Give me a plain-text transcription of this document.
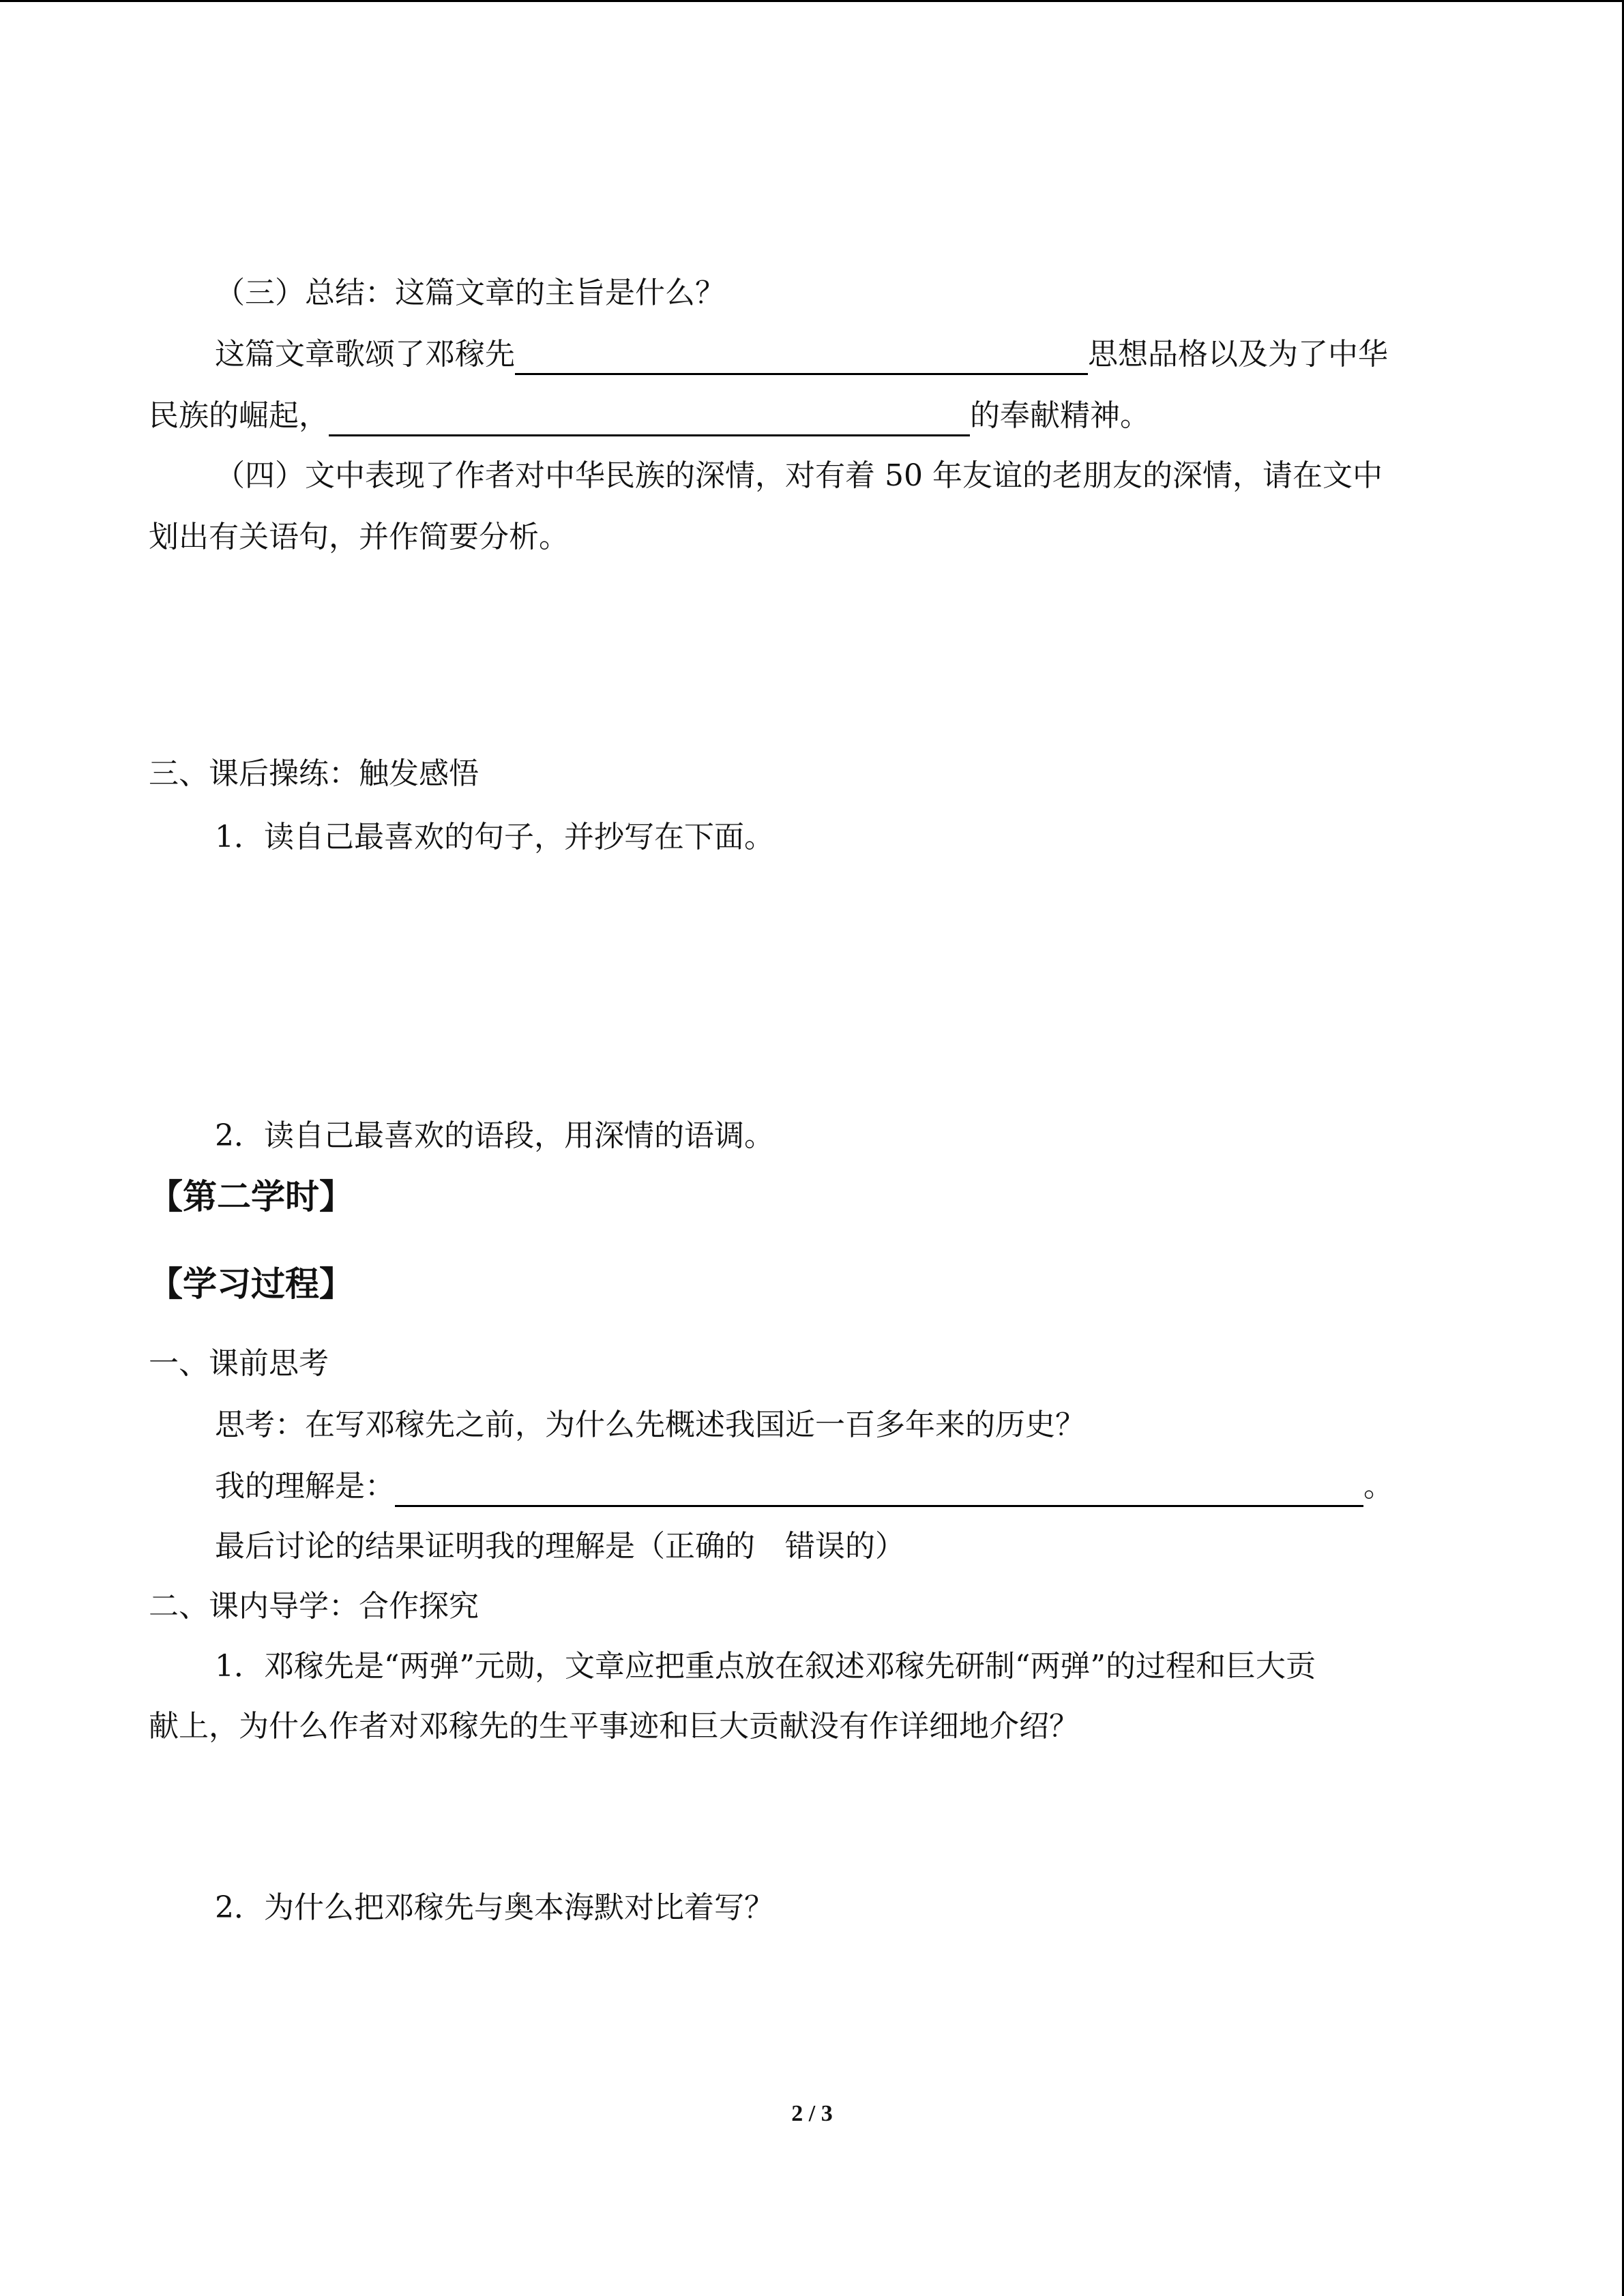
（三）总结：这篇文章的主旨是什么？
这篇文章歌颂了邓稼先	思想品格以及为了中华
民族的崛起，	的奉献精神。
（四）文中表现了作者对中华民族的深情，对有着 50 年友谊的老朋友的深情，请在文中
划出有关语句，并作简要分析。
三、课后操练：触发感悟
1．读自己最喜欢的句子，并抄写在下面。
2．读自己最喜欢的语段，用深情的语调。
【第二学时】
【学习过程】
一、课前思考
思考：在写邓稼先之前，为什么先概述我国近一百多年来的历史？
我的理解是：	。
最后讨论的结果证明我的理解是（正确的　错误的）
二、课内导学：合作探究
1．邓稼先是“两弹”元勋，文章应把重点放在叙述邓稼先研制“两弹”的过程和巨大贡
献上，为什么作者对邓稼先的生平事迹和巨大贡献没有作详细地介绍？
2．为什么把邓稼先与奥本海默对比着写？
2 / 3
